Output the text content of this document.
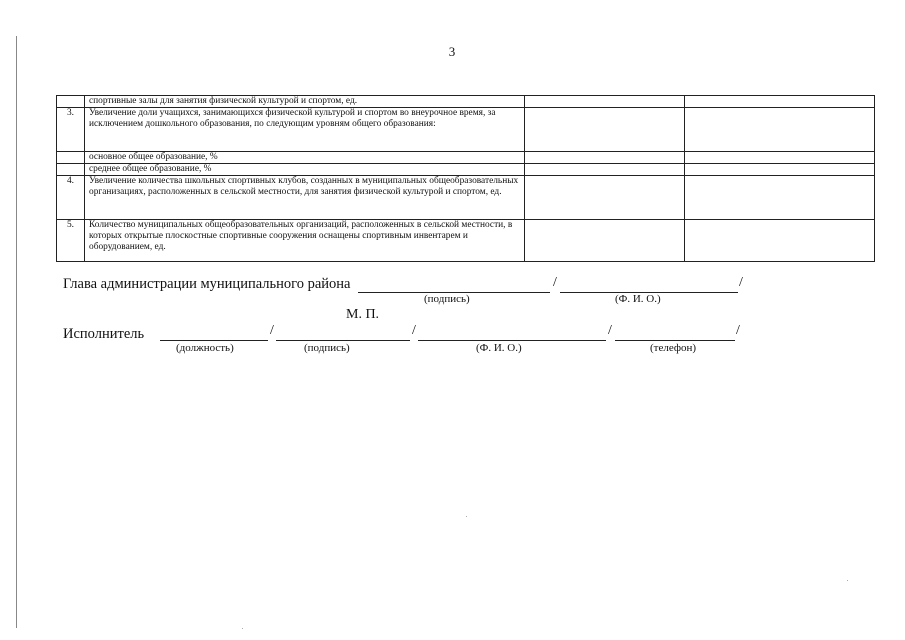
3
	спортивные залы для занятия физической культурой и спортом, ед.		
3.	Увеличение доли учащихся, занимающихся физической культурой и спортом во внеурочное время, за исключением дошкольного образования, по следующим уровням общего образования:		
	основное общее образование, %		
	среднее общее образование, %		
4.	Увеличение количества школьных спортивных клубов, созданных в муниципальных общеобразовательных организациях, расположенных в сельской местности, для занятия физической культурой и спортом, ед.		
5.	Количество муниципальных общеобразовательных организаций, расположенных в сельской местности, в которых открытые плоскостные спортивные сооружения оснащены спортивным инвентарем и оборудованием, ед.		
Глава администрации муниципального района	/	/
(подпись)	(Ф. И. О.)
М. П.
Исполнитель	/	/	/	/
(должность)	(подпись)	(Ф. И. О.)	(телефон)
